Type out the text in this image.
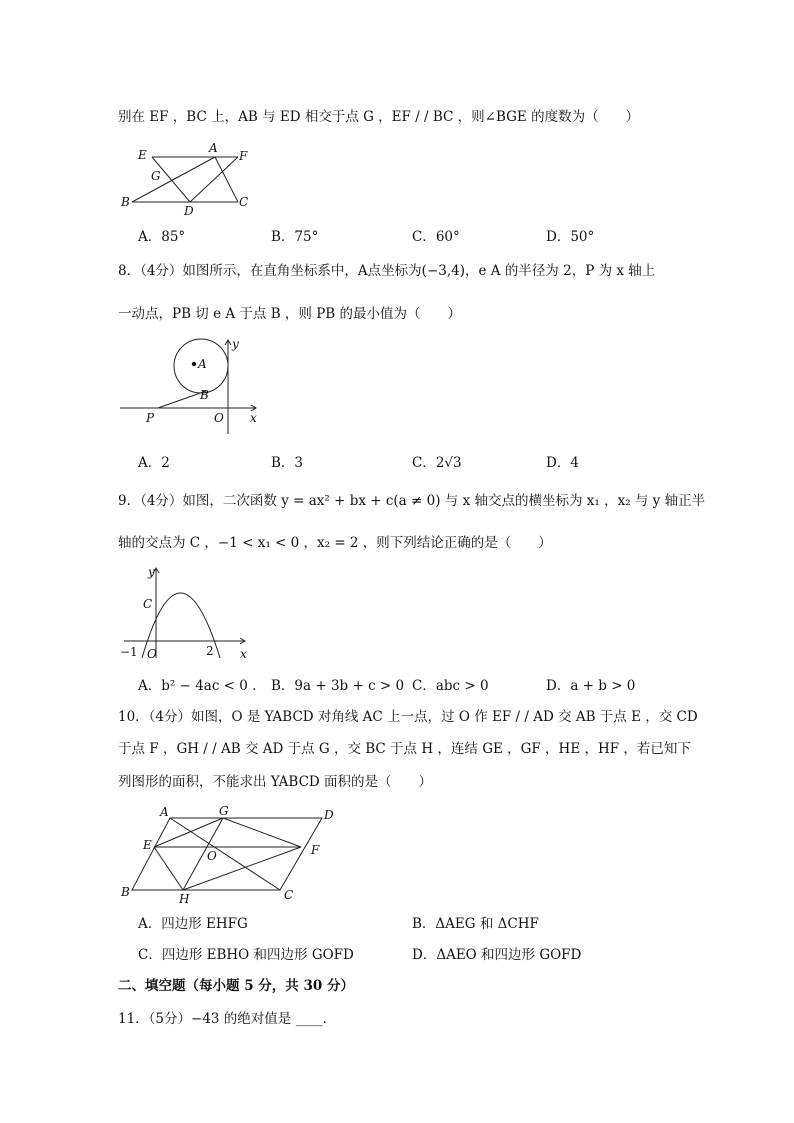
别在 EF ，BC 上，AB 与 ED 相交于点 G ，EF / / BC ，则∠BGE 的度数为（　　）
E	A
F
G
B
D
C
A．85°	B．75°	C．60°	D．50°
8．（4分）如图所示，在直角坐标系中，A点坐标为(−3,4)，e A 的半径为 2，P 为 x 轴上
一动点，PB 切 e A 于点 B ，则 PB 的最小值为（　　）
y
A
B
P	O x
A．2	B．3	C．2√3	D．4
9．（4分）如图，二次函数 y = ax² + bx + c(a ≠ 0) 与 x 轴交点的横坐标为 x₁ ，x₂ 与 y 轴正半
轴的交点为 C ，−1 < x₁ < 0 ，x₂ = 2 ，则下列结论正确的是（　　）
y
C
−1 O	2 x
A．b² − 4ac < 0 . B．9a + 3b + c > 0 C．abc > 0	D．a + b > 0
10．（4分）如图，O 是 YABCD 对角线 AC 上一点，过 O 作 EF / / AD 交 AB 于点 E ，交 CD
于点 F ，GH / / AB 交 AD 于点 G ，交 BC 于点 H ，连结 GE ，GF ，HE ，HF ，若已知下
列图形的面积，不能求出 YABCD 面积的是（　　）
A	G	D
E
O	F
B	H	C
A．四边形 EHFG	B．ΔAEG 和 ΔCHF
C．四边形 EBHO 和四边形 GOFD	D．ΔAEO 和四边形 GOFD
二、填空题（每小题 5 分，共 30 分）
11．（5分）−43 的绝对值是 ____．
